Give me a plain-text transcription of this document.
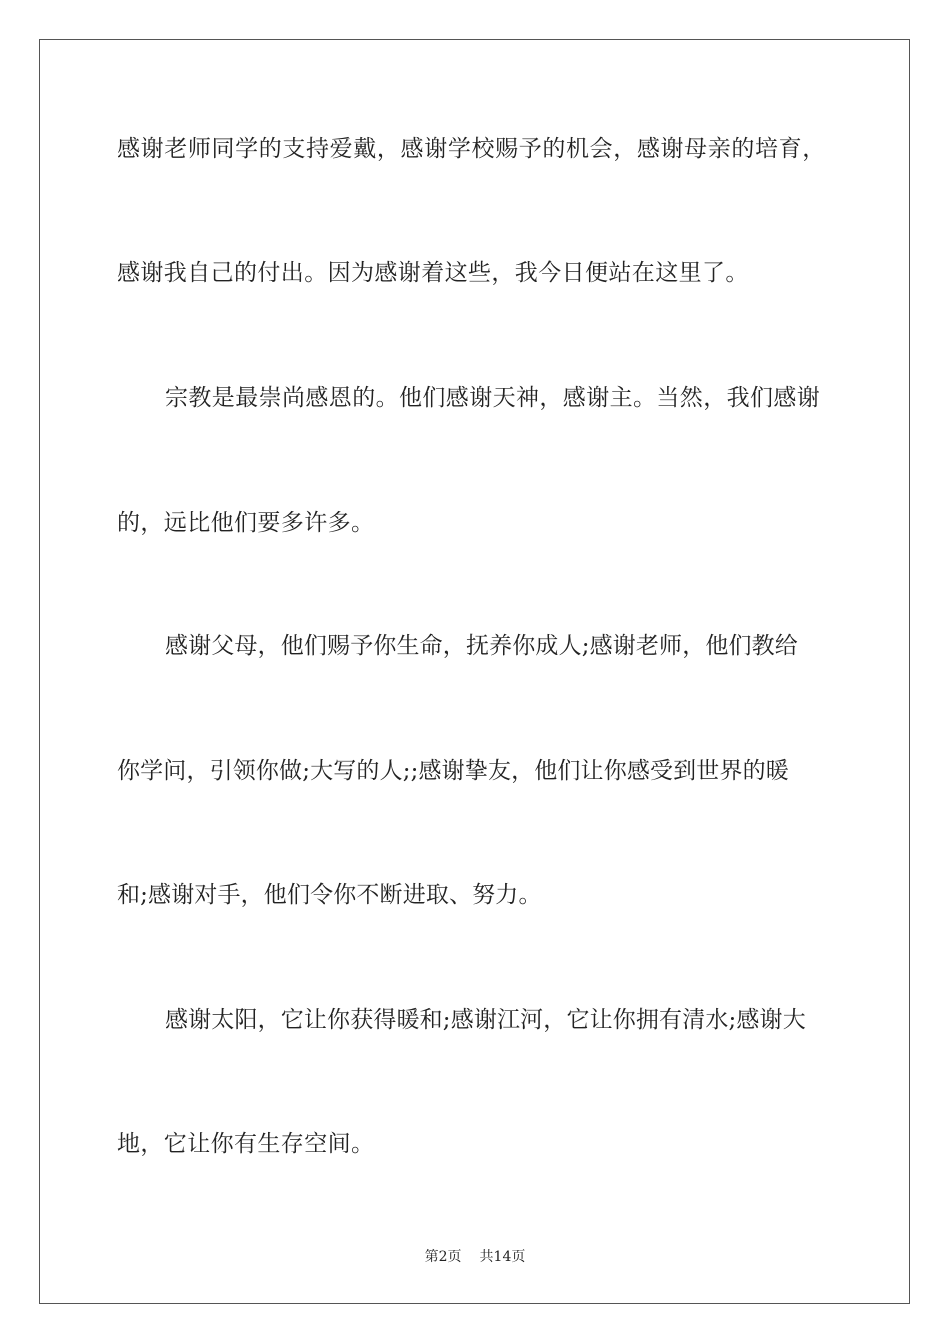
感谢老师同学的支持爱戴，感谢学校赐予的机会，感谢母亲的培育，
感谢我自己的付出。因为感谢着这些，我今日便站在这里了。
宗教是最崇尚感恩的。他们感谢天神，感谢主。当然，我们感谢
的，远比他们要多许多。
感谢父母，他们赐予你生命，抚养你成人;感谢老师，他们教给
你学问，引领你做;大写的人;;感谢挚友，他们让你感受到世界的暖
和;感谢对手，他们令你不断进取、努力。
感谢太阳，它让你获得暖和;感谢江河，它让你拥有清水;感谢大
地，它让你有生存空间。
第2页 共14页
